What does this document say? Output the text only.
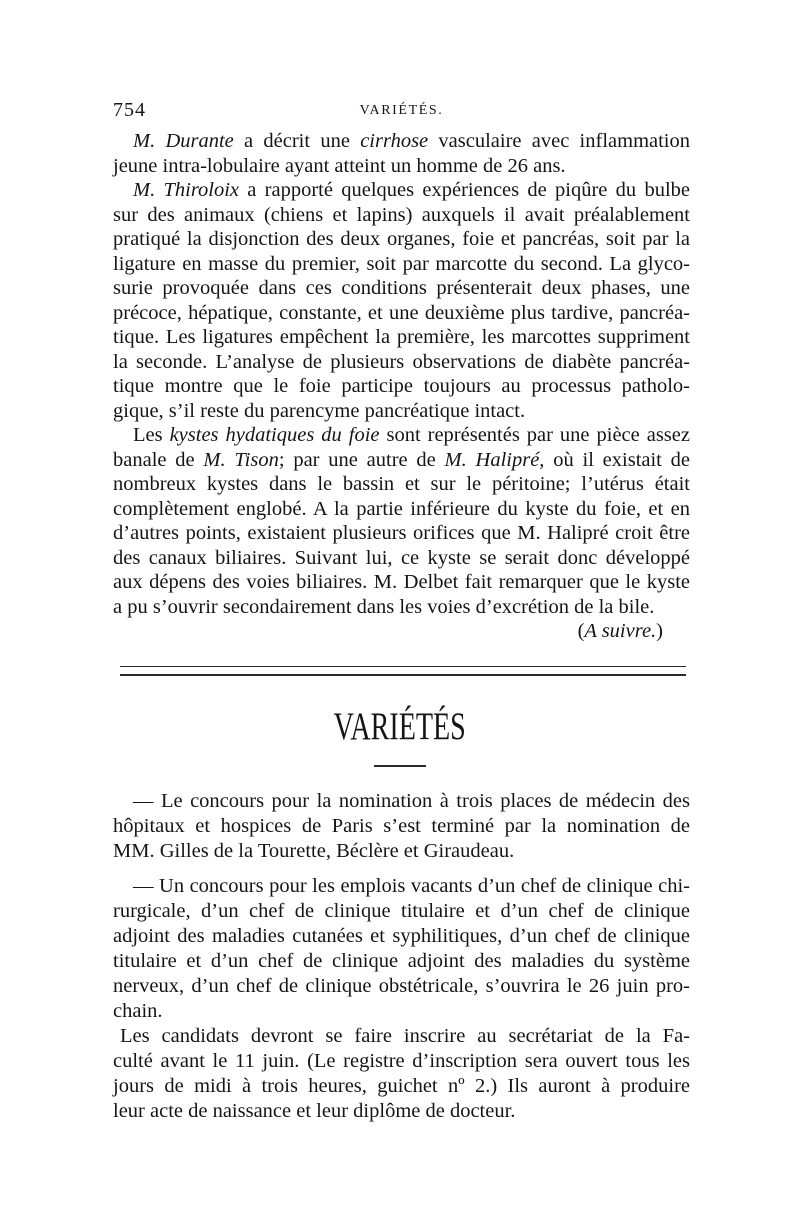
754	VARIÉTÉS.
M. Durante a décrit une cirrhose vasculaire avec inflammation
jeune intra-lobulaire ayant atteint un homme de 26 ans.
M. Thiroloix a rapporté quelques expériences de piqûre du bulbe
sur des animaux (chiens et lapins) auxquels il avait préalablement
pratiqué la disjonction des deux organes, foie et pancréas, soit par la
ligature en masse du premier, soit par marcotte du second. La glyco-
surie provoquée dans ces conditions présenterait deux phases, une
précoce, hépatique, constante, et une deuxième plus tardive, pancréa-
tique. Les ligatures empêchent la première, les marcottes suppriment
la seconde. L’analyse de plusieurs observations de diabète pancréa-
tique montre que le foie participe toujours au processus patholo-
gique, s’il reste du parencyme pancréatique intact.
Les kystes hydatiques du foie sont représentés par une pièce assez
banale de M. Tison; par une autre de M. Halipré, où il existait de
nombreux kystes dans le bassin et sur le péritoine; l’utérus était
complètement englobé. A la partie inférieure du kyste du foie, et en
d’autres points, existaient plusieurs orifices que M. Halipré croit être
des canaux biliaires. Suivant lui, ce kyste se serait donc développé
aux dépens des voies biliaires. M. Delbet fait remarquer que le kyste
a pu s’ouvrir secondairement dans les voies d’excrétion de la bile.
(A suivre.)
VARIÉTÉS
— Le concours pour la nomination à trois places de médecin des
hôpitaux et hospices de Paris s’est terminé par la nomination de
MM. Gilles de la Tourette, Béclère et Giraudeau.
— Un concours pour les emplois vacants d’un chef de clinique chi-
rurgicale, d’un chef de clinique titulaire et d’un chef de clinique
adjoint des maladies cutanées et syphilitiques, d’un chef de clinique
titulaire et d’un chef de clinique adjoint des maladies du système
nerveux, d’un chef de clinique obstétricale, s’ouvrira le 26 juin pro-
chain.
Les candidats devront se faire inscrire au secrétariat de la Fa-
culté avant le 11 juin. (Le registre d’inscription sera ouvert tous les
jours de midi à trois heures, guichet nº 2.) Ils auront à produire
leur acte de naissance et leur diplôme de docteur.
